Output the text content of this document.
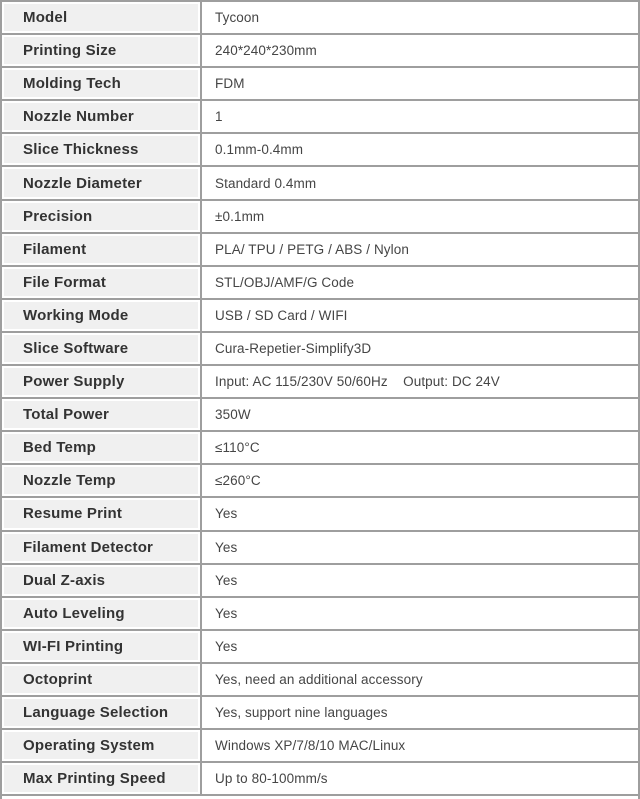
Model	Tycoon
Printing Size	240*240*230mm
Molding Tech	FDM
Nozzle Number	1
Slice Thickness	0.1mm-0.4mm
Nozzle Diameter	Standard 0.4mm
Precision	±0.1mm
Filament	PLA/ TPU / PETG / ABS / Nylon
File Format	STL/OBJ/AMF/G Code
Working Mode	USB / SD Card / WIFI
Slice Software	Cura-Repetier-Simplify3D
Power Supply	Input: AC 115/230V 50/60Hz    Output: DC 24V
Total Power	350W
Bed Temp	≤110°C
Nozzle Temp	≤260°C
Resume Print	Yes
Filament Detector	Yes
Dual Z-axis	Yes
Auto Leveling	Yes
WI-FI Printing	Yes
Octoprint	Yes, need an additional accessory
Language Selection	Yes, support nine languages
Operating System	Windows XP/7/8/10 MAC/Linux
Max Printing Speed	Up to 80-100mm/s
